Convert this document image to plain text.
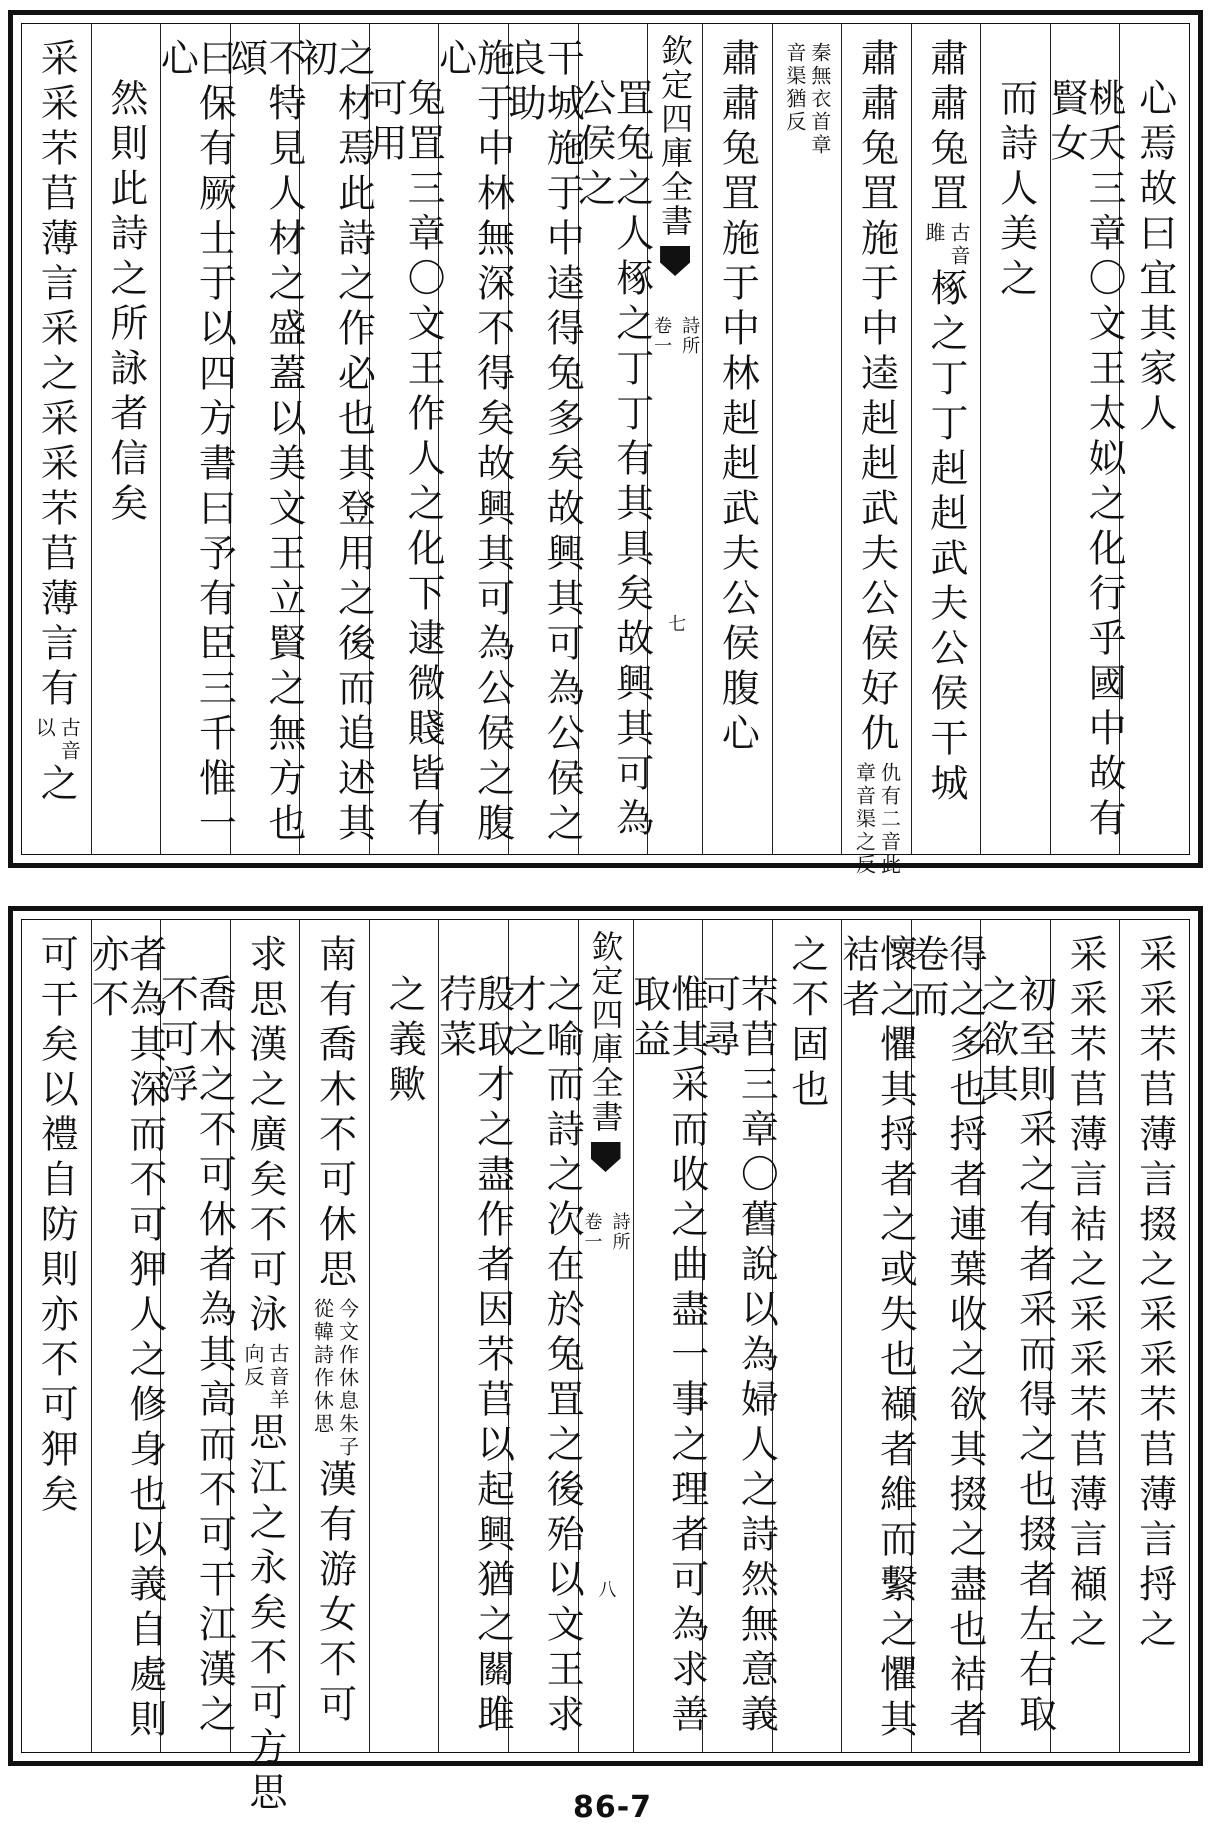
心焉故曰宜其家人
桃夭三章〇文王太姒之化行乎國中故有賢女
而詩人美之
肅肅兔罝
古音
雎
椓之丁丁赳赳武夫公侯干城
肅肅兔罝施于中逵赳赳武夫公侯好仇
仇有二音此
章音渠之反
秦無衣首章
音渠猶反
肅肅兔罝施于中林赳赳武夫公侯腹心
欽定四庫全書
詩所
卷一
七
罝兔之人椓之丁丁有其具矣故興其可為公侯之
干城施于中逵得兔多矣故興其可為公侯之良助
施于中林無深不得矣故興其可為公侯之腹心
兔罝三章〇文王作人之化下逮微賤皆有可用
之材焉此詩之作必也其登用之後而追述其初
不特見人材之盛蓋以美文王立賢之無方也頌
曰保有厥士于以四方書曰予有臣三千惟一心
然則此詩之所詠者信矣
采采芣苢薄言采之采采芣苢薄言有
古音
以
之
采采芣苢薄言掇之采采芣苢薄言捋之
采采芣苢薄言袺之采采芣苢薄言襭之
初至則采之有者采而得之也掇者左右取之欲其
得之多也捋者連葉收之欲其掇之盡也袺者卷而
懷之懼其捋者之或失也襭者維而繫之懼其袺者
之不固也
芣苢三章〇舊說以為婦人之詩然無意義可尋
惟其采而收之曲盡一事之理者可為求善取益
欽定四庫全書
詩所
卷一
八
之喻而詩之次在於兔罝之後殆以文王求才之
殷取才之盡作者因芣苢以起興猶之關雎荇菜
之義歟
南有喬木不可休思
今文作休息朱子
從韓詩作休思
漢有游女不可
求思漢之廣矣不可泳
古音羊
向反
思江之永矣不可方思
喬木之不可休者為其高而不可干江漢之不可浮
者為其深而不可狎人之修身也以義自處則亦不
可干矣以禮自防則亦不可狎矣
86-7
